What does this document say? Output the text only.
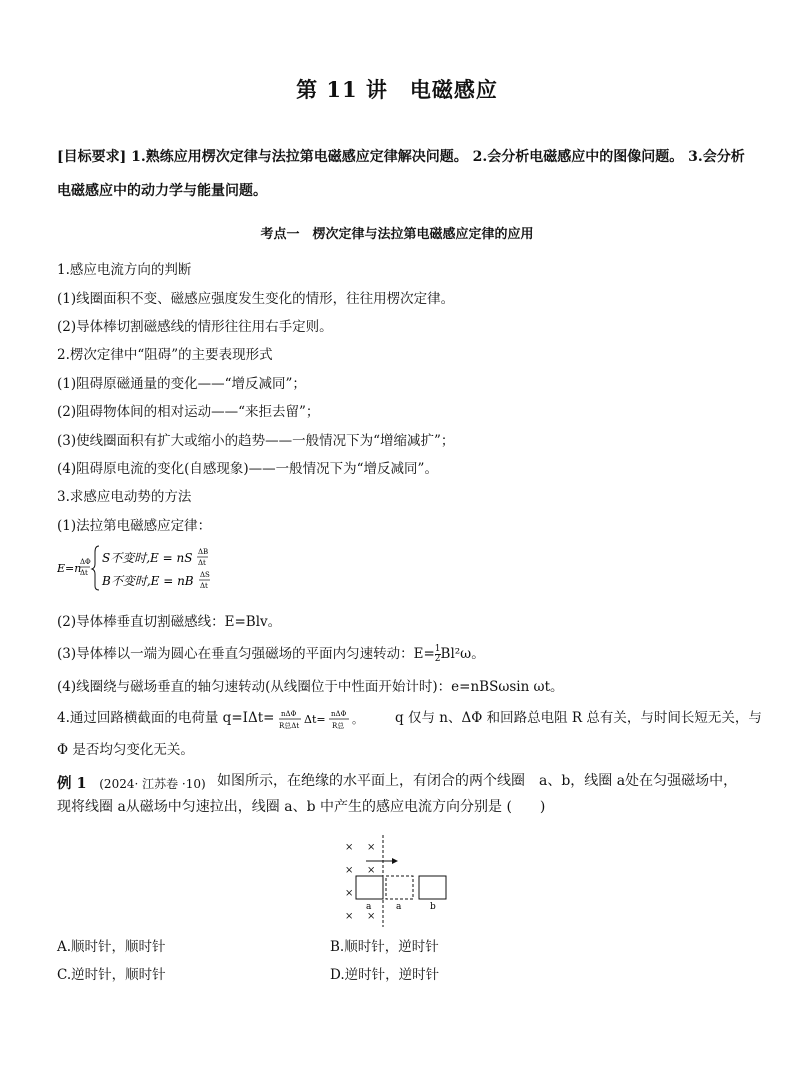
第 11 讲　电磁感应
[目标要求] 1.熟练应用楞次定律与法拉第电磁感应定律解决问题。 2.会分析电磁感应中的图像问题。 3.会分析电磁感应中的动力学与能量问题。
考点一　楞次定律与法拉第电磁感应定律的应用
1.感应电流方向的判断
(1)线圈面积不变、磁感应强度发生变化的情形，往往用楞次定律。
(2)导体棒切割磁感线的情形往往用右手定则。
2.楞次定律中“阻碍”的主要表现形式
(1)阻碍原磁通量的变化——“增反减同”；
(2)阻碍物体间的相对运动——“来拒去留”；
(3)使线圈面积有扩大或缩小的趋势——一般情况下为“增缩减扩”；
(4)阻碍原电流的变化(自感现象)——一般情况下为“增反减同”。
3.求感应电动势的方法
(1)法拉第电磁感应定律：
E=n
ΔΦ
Δt
S不变时,E = nS ΔB
Δt
B不变时,E = nB ΔS
Δt
(2)导体棒垂直切割磁感线：E=Blv。
(3)导体棒以一端为圆心在垂直匀强磁场的平面内匀速转动：$E= \frac{1}{2} Bl^2\omega$。
(4)线圈绕与磁场垂直的轴匀速转动(从线圈位于中性面开始计时)：e=nBSωsin ωt。
4.通过回路横截面的电荷量 q=IΔt= nΔΦ
R总Δt Δt= nΔΦ
R总 。 q 仅与 n、ΔΦ 和回路总电阻 R 总有关，与时间长短无关，与
Φ 是否均匀变化无关。
例 1 (2024· 江苏卷 ·10) 如图所示，在绝缘的水平面上，有闭合的两个线圈　a、b，线圈 a处在匀强磁场中，现将线圈 a从磁场中匀速拉出，线圈 a、b 中产生的感应电流方向分别是 (　　)
× ×
× ×
×
× ×
a	a	b
A.顺时针，顺时针	B.顺时针，逆时针
C.逆时针，顺时针	D.逆时针，逆时针
